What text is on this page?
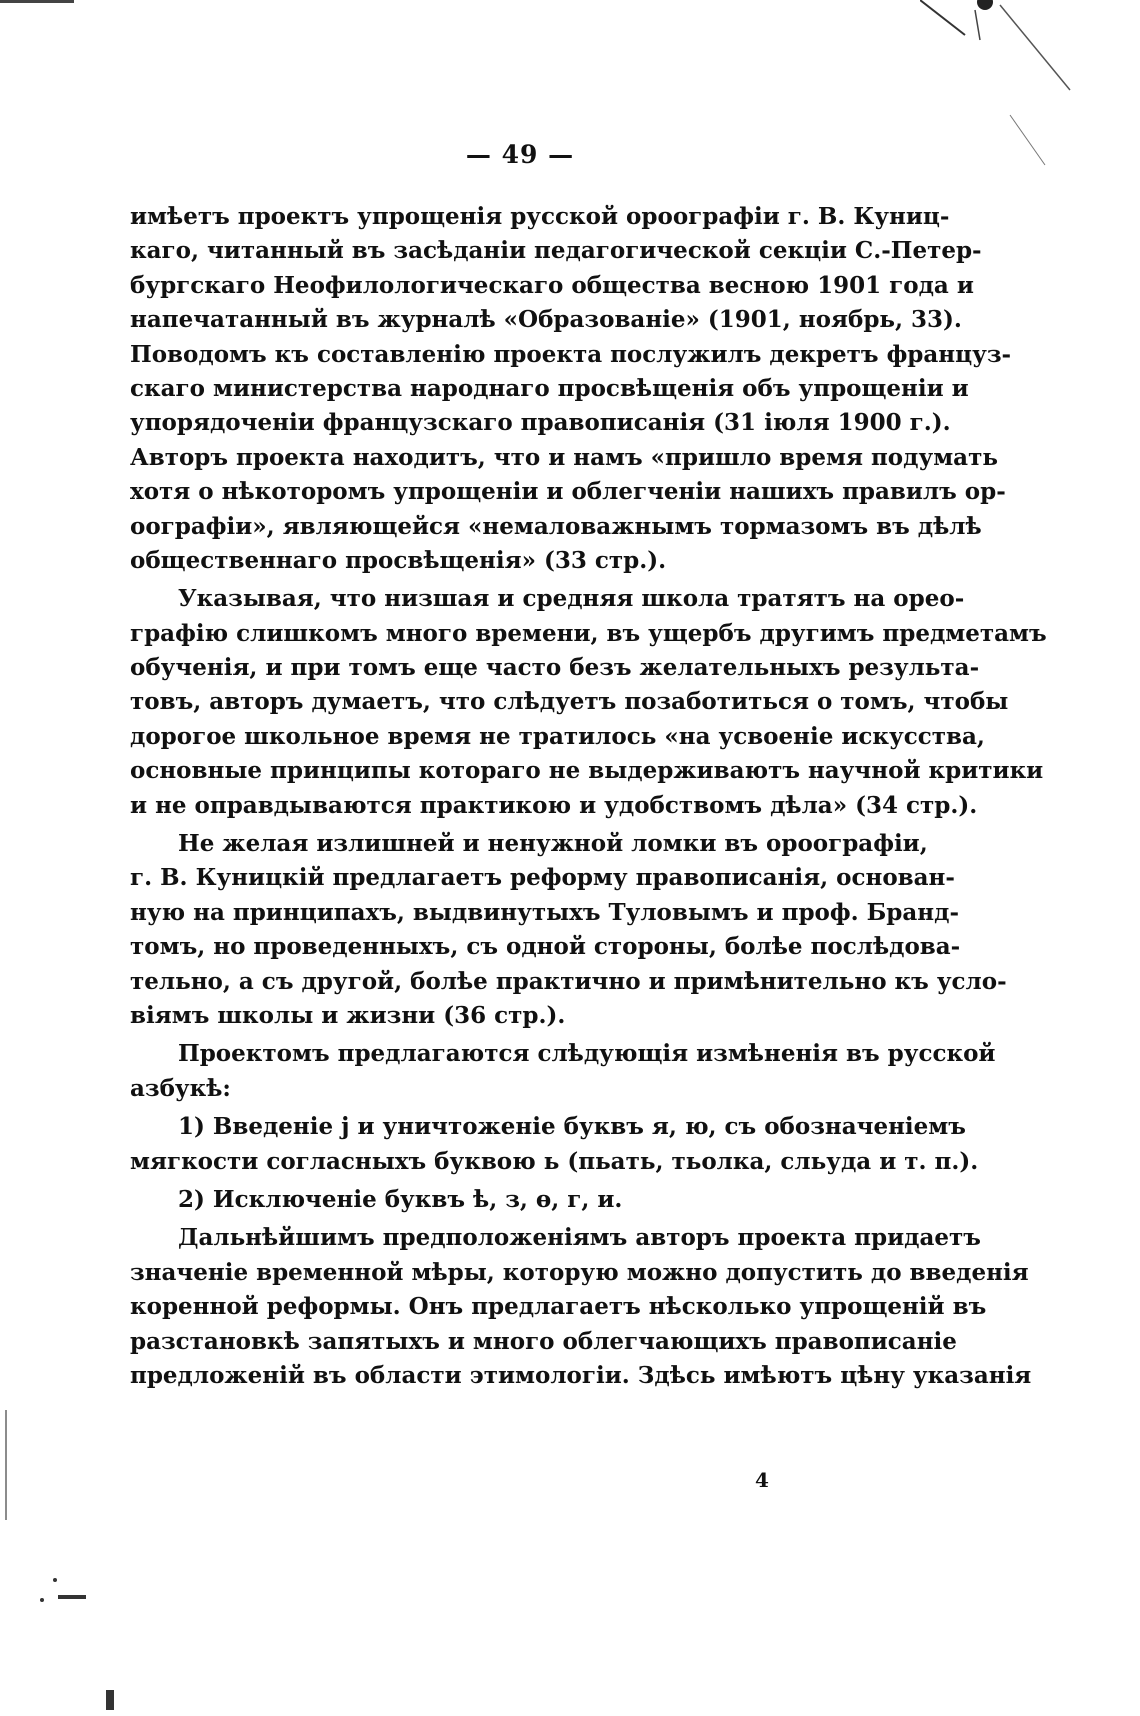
— 49 —
имѣетъ проектъ упрощенія русской ороографіи г. В. Куниц-
каго, читанный въ засѣданіи педагогической секціи С.-Петер-
бургскаго Неофилологическаго общества весною 1901 года и
напечатанный въ журналѣ «Образованіе» (1901, ноябрь, 33).
Поводомъ къ составленію проекта послужилъ декретъ француз-
скаго министерства народнаго просвѣщенія объ упрощеніи и
упорядоченіи французскаго правописанія (31 іюля 1900 г.).
Авторъ проекта находитъ, что и намъ «пришло время подумать
хотя о нѣкоторомъ упрощеніи и облегченіи нашихъ правилъ ор-
оографіи», являющейся «немаловажнымъ тормазомъ въ дѣлѣ
общественнаго просвѣщенія» (33 стр.).
Указывая, что низшая и средняя школа тратятъ на орео-
графію слишкомъ много времени, въ ущербъ другимъ предметамъ
обученія, и при томъ еще часто безъ желательныхъ результа-
товъ, авторъ думаетъ, что слѣдуетъ позаботиться о томъ, чтобы
дорогое школьное время не тратилось «на усвоеніе искусства,
основные принципы котораго не выдерживаютъ научной критики
и не оправдываются практикою и удобствомъ дѣла» (34 стр.).
Не желая излишней и ненужной ломки въ ороографіи,
г. В. Куницкій предлагаетъ реформу правописанія, основан-
ную на принципахъ, выдвинутыхъ Туловымъ и проф. Бранд-
томъ, но проведенныхъ, съ одной стороны, болѣе послѣдова-
тельно, а съ другой, болѣе практично и примѣнительно къ усло-
віямъ школы и жизни (36 стр.).
Проектомъ предлагаются слѣдующія измѣненія въ русской
азбукѣ:
1) Введеніе j и уничтоженіе буквъ я, ю, съ обозначеніемъ
мягкости согласныхъ буквою ь (пьать, тьолка, сльуда и т. п.).
2) Исключеніе буквъ ѣ, з, ө, г, и.
Дальнѣйшимъ предположеніямъ авторъ проекта придаетъ
значеніе временной мѣры, которую можно допустить до введенія
коренной реформы. Онъ предлагаетъ нѣсколько упрощеній въ
разстановкѣ запятыхъ и много облегчающихъ правописаніе
предложеній въ области этимологіи. Здѣсь имѣютъ цѣну указанія
4
